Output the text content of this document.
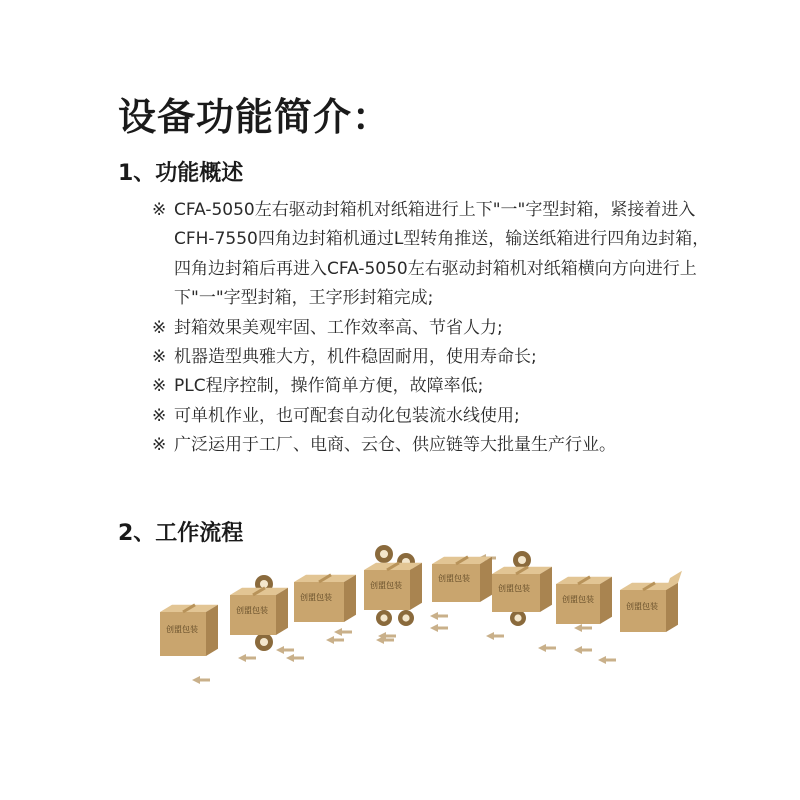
设备功能简介：
1、功能概述
※ CFA-5050左右驱动封箱机对纸箱进行上下"一"字型封箱，紧接着进入CFH-7550四角边封箱机通过L型转角推送，输送纸箱进行四角边封箱，四角边封箱后再进入CFA-5050左右驱动封箱机对纸箱横向方向进行上下"一"字型封箱，王字形封箱完成;
※ 封箱效果美观牢固、工作效率高、节省人力;
※ 机器造型典雅大方，机件稳固耐用，使用寿命长;
※ PLC程序控制，操作简单方便，故障率低;
※ 可单机作业，也可配套自动化包装流水线使用;
※ 广泛运用于工厂、电商、云仓、供应链等大批量生产行业。
2、工作流程
创盟包装
创盟包装
创盟包装
创盟包装
创盟包装
创盟包装
创盟包装
创盟包装
